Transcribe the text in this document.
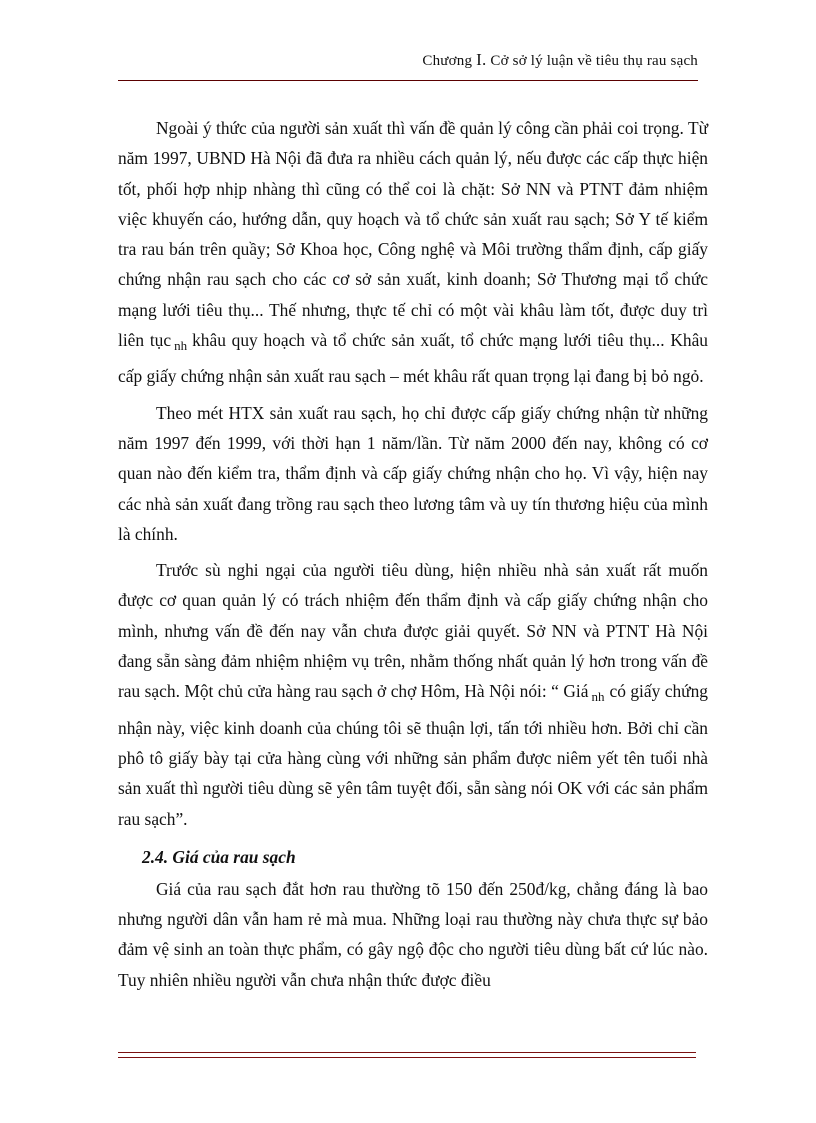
Chương I. Cở sở lý luận về tiêu thụ rau sạch

Ngoài ý thức của người sản xuất thì vấn đề quản lý công cần phải coi trọng. Từ năm 1997, UBND Hà Nội đã đưa ra nhiều cách quản lý, nếu được các cấp thực hiện tốt, phối hợp nhịp nhàng thì cũng có thể coi là chặt: Sở NN và PTNT đảm nhiệm việc khuyến cáo, hướng dẫn, quy hoạch và tổ chức sản xuất rau sạch; Sở Y tế kiểm tra rau bán trên quầy; Sở Khoa học, Công nghệ và Môi trường thẩm định, cấp giấy chứng nhận rau sạch cho các cơ sở sản xuất, kinh doanh; Sở Thương mại tổ chức mạng lưới tiêu thụ... Thế nhưng, thực tế chỉ có một vài khâu làm tốt, được duy trì liên tục $_{nh}$ khâu quy hoạch và tổ chức sản xuất, tổ chức mạng lưới tiêu thụ... Khâu cấp giấy chứng nhận sản xuất rau sạch – mét khâu rất quan trọng lại đang bị bỏ ngỏ.

Theo mét HTX sản xuất rau sạch, họ chỉ được cấp giấy chứng nhận từ những năm 1997 đến 1999, với thời hạn 1 năm/lần. Từ năm 2000 đến nay, không có cơ quan nào đến kiểm tra, thẩm định và cấp giấy chứng nhận cho họ. Vì vậy, hiện nay các nhà sản xuất đang trồng rau sạch theo lương tâm và uy tín thương hiệu của mình là chính.

Trước sù nghi ngại của người tiêu dùng, hiện nhiều nhà sản xuất rất muốn được cơ quan quản lý có trách nhiệm đến thẩm định và cấp giấy chứng nhận cho mình, nhưng vấn đề đến nay vẫn chưa được giải quyết. Sở NN và PTNT Hà Nội đang sẵn sàng đảm nhiệm nhiệm vụ trên, nhằm thống nhất quản lý hơn trong vấn đề rau sạch. Một chủ cửa hàng rau sạch ở chợ Hôm, Hà Nội nói: “ Giá $_{nh}$ có giấy chứng nhận này, việc kinh doanh của chúng tôi sẽ thuận lợi, tấn tới nhiều hơn. Bởi chỉ cần phô tô giấy bày tại cửa hàng cùng với những sản phẩm được niêm yết tên tuổi nhà sản xuất thì người tiêu dùng sẽ yên tâm tuyệt đối, sẵn sàng nói OK với các sản phẩm rau sạch”.

2.4. Giá của rau sạch

Giá của rau sạch đắt hơn rau thường tõ 150 đến 250đ/kg, chẳng đáng là bao nhưng người dân vẫn ham rẻ mà mua. Những loại rau thường này chưa thực sự bảo đảm vệ sinh an toàn thực phẩm, có gây ngộ độc cho người tiêu dùng bất cứ lúc nào. Tuy nhiên nhiều người vẫn chưa nhận thức được điều
